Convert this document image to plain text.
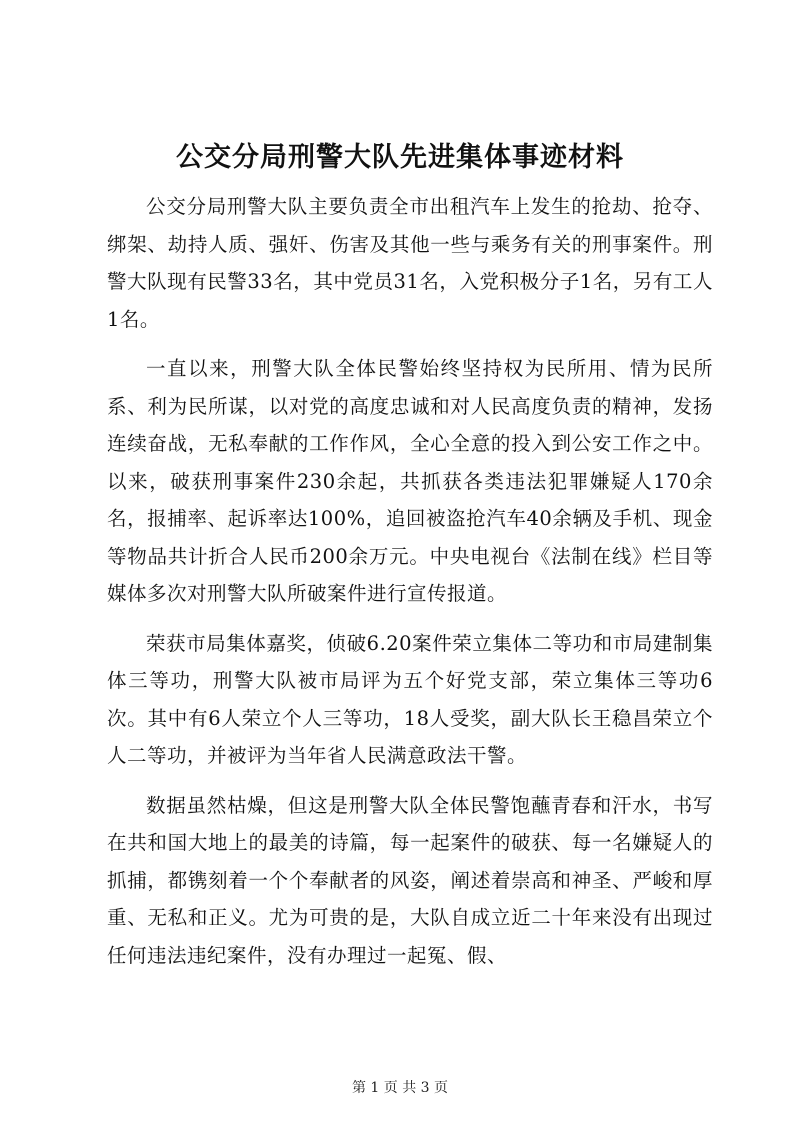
公交分局刑警大队先进集体事迹材料

公交分局刑警大队主要负责全市出租汽车上发生的抢劫、抢夺、绑架、劫持人质、强奸、伤害及其他一些与乘务有关的刑事案件。刑警大队现有民警33名，其中党员31名，入党积极分子1名，另有工人1名。

一直以来，刑警大队全体民警始终坚持权为民所用、情为民所系、利为民所谋，以对党的高度忠诚和对人民高度负责的精神，发扬连续奋战，无私奉献的工作作风，全心全意的投入到公安工作之中。以来，破获刑事案件230余起，共抓获各类违法犯罪嫌疑人170余名，报捕率、起诉率达100%，追回被盗抢汽车40余辆及手机、现金等物品共计折合人民币200余万元。中央电视台《法制在线》栏目等媒体多次对刑警大队所破案件进行宣传报道。

荣获市局集体嘉奖，侦破6.20案件荣立集体二等功和市局建制集体三等功，刑警大队被市局评为五个好党支部，荣立集体三等功6次。其中有6人荣立个人三等功，18人受奖，副大队长王稳昌荣立个人二等功，并被评为当年省人民满意政法干警。

数据虽然枯燥，但这是刑警大队全体民警饱蘸青春和汗水，书写在共和国大地上的最美的诗篇，每一起案件的破获、每一名嫌疑人的抓捕，都镌刻着一个个奉献者的风姿，阐述着崇高和神圣、严峻和厚重、无私和正义。尤为可贵的是，大队自成立近二十年来没有出现过任何违法违纪案件，没有办理过一起冤、假、

第 1 页 共 3 页
